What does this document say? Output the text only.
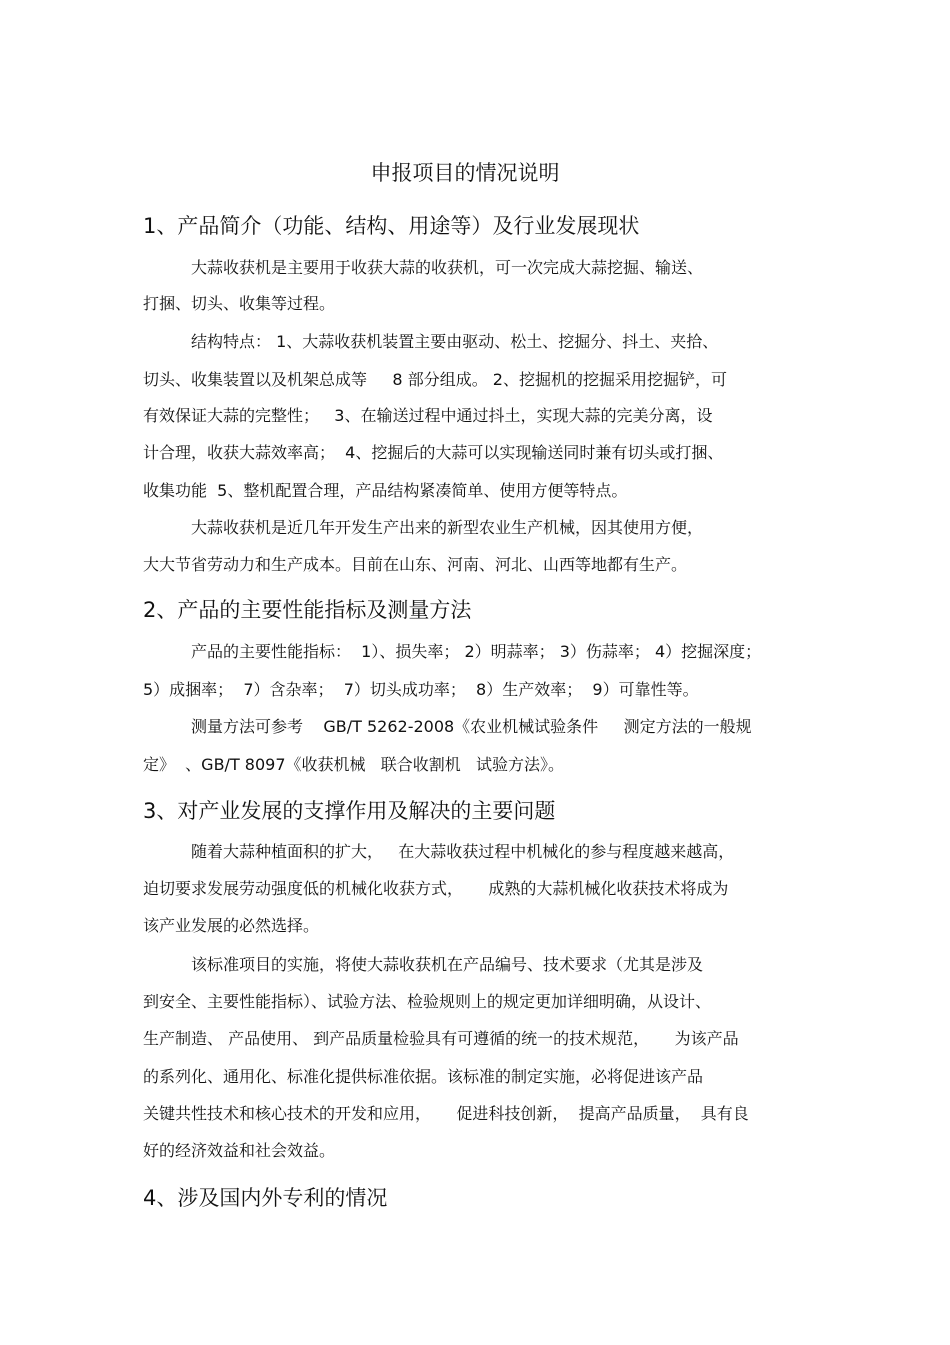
申报项目的情况说明
1、产品简介（功能、结构、用途等）及行业发展现状
大蒜收获机是主要用于收获大蒜的收获机，可一次完成大蒜挖掘、输送、
打捆、切头、收集等过程。
结构特点： 1、大蒜收获机装置主要由驱动、松土、挖掘分、抖土、夹拾、
切头、收集装置以及机架总成等     8 部分组成。 2、挖掘机的挖掘采用挖掘铲，可
有效保证大蒜的完整性；   3、在输送过程中通过抖土，实现大蒜的完美分离，设
计合理，收获大蒜效率高；  4、挖掘后的大蒜可以实现输送同时兼有切头或打捆、
收集功能  5、整机配置合理，产品结构紧凑简单、使用方便等特点。
大蒜收获机是近几年开发生产出来的新型农业生产机械，因其使用方便，
大大节省劳动力和生产成本。目前在山东、河南、河北、山西等地都有生产。
2、产品的主要性能指标及测量方法
产品的主要性能指标：  1）、损失率； 2）明蒜率； 3）伤蒜率； 4）挖掘深度；
5）成捆率；  7）含杂率；  7）切头成功率；  8）生产效率；  9）可靠性等。
测量方法可参考    GB/T 5262-2008《农业机械试验条件     测定方法的一般规
定》  、GB/T 8097《收获机械   联合收割机   试验方法》。
3、对产业发展的支撑作用及解决的主要问题
随着大蒜种植面积的扩大，   在大蒜收获过程中机械化的参与程度越来越高，
迫切要求发展劳动强度低的机械化收获方式，     成熟的大蒜机械化收获技术将成为
该产业发展的必然选择。
该标准项目的实施，将使大蒜收获机在产品编号、技术要求（尤其是涉及
到安全、主要性能指标）、试验方法、检验规则上的规定更加详细明确，从设计、
生产制造、 产品使用、 到产品质量检验具有可遵循的统一的技术规范，     为该产品
的系列化、通用化、标准化提供标准依据。该标准的制定实施，必将促进该产品
关键共性技术和核心技术的开发和应用，     促进科技创新，  提高产品质量，  具有良
好的经济效益和社会效益。
4、涉及国内外专利的情况
